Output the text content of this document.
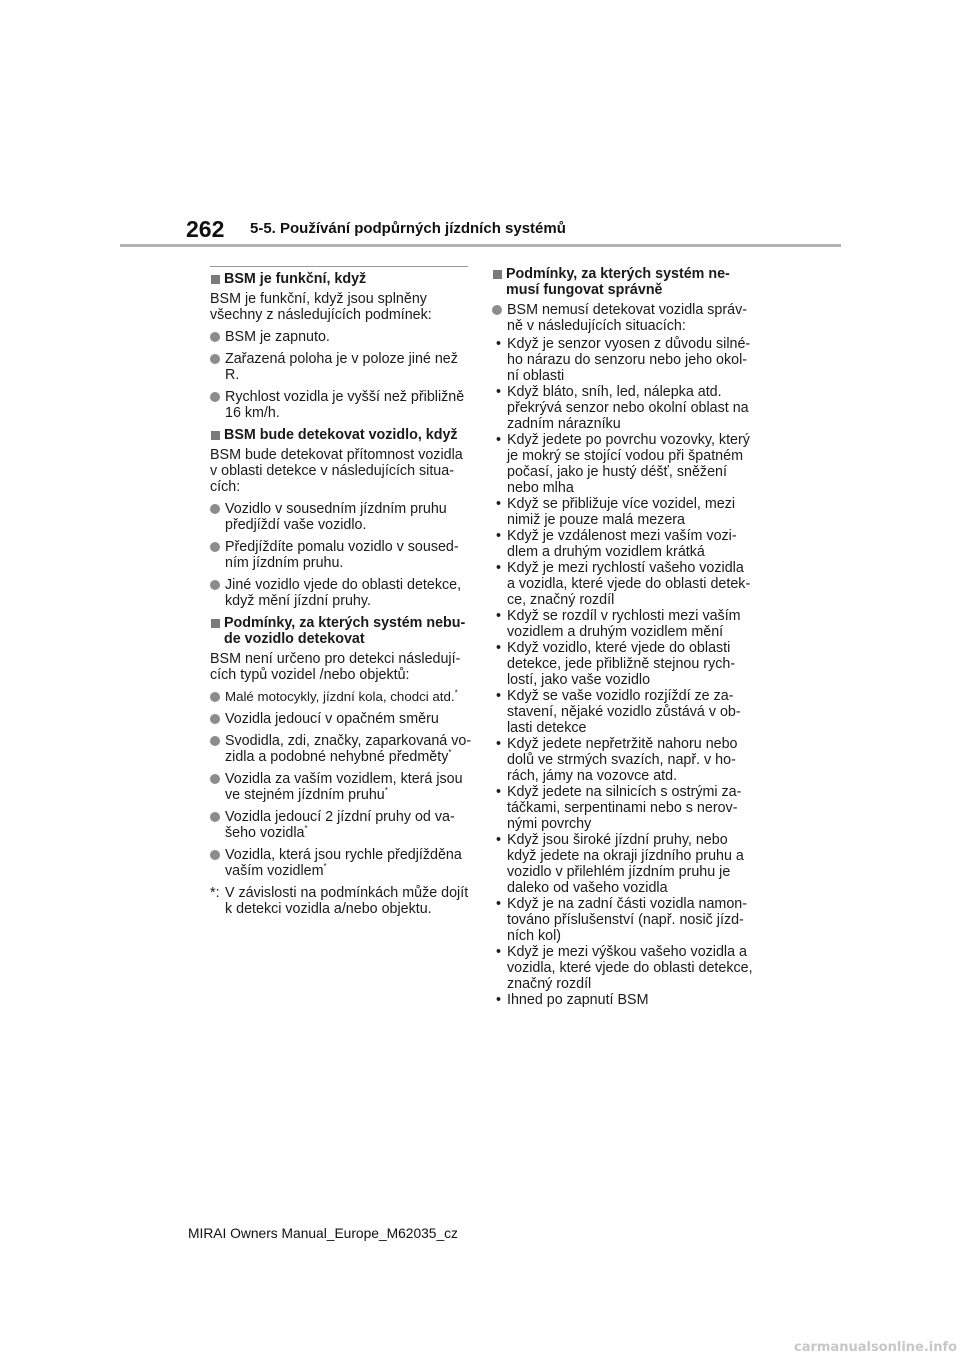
262 5-5. Používání podpůrných jízdních systémů
BSM je funkční, když
BSM je funkční, když jsou splněny všechny z následujících podmínek:
BSM je zapnuto.
Zařazená poloha je v poloze jiné než R.
Rychlost vozidla je vyšší než přibližně 16 km/h.
BSM bude detekovat vozidlo, když
BSM bude detekovat přítomnost vozidla v oblasti detekce v následujících situacích:
Vozidlo v sousedním jízdním pruhu předjíždí vaše vozidlo.
Předjíždíte pomalu vozidlo v sousedním jízdním pruhu.
Jiné vozidlo vjede do oblasti detekce, když mění jízdní pruhy.
Podmínky, za kterých systém nebude vozidlo detekovat
BSM není určeno pro detekci následujících typů vozidel /nebo objektů:
Malé motocykly, jízdní kola, chodci atd.*
Vozidla jedoucí v opačném směru
Svodidla, zdi, značky, zaparkovaná vozidla a podobné nehybné předměty*
Vozidla za vaším vozidlem, která jsou ve stejném jízdním pruhu*
Vozidla jedoucí 2 jízdní pruhy od vašeho vozidla*
Vozidla, která jsou rychle předjížděna vaším vozidlem*
*: V závislosti na podmínkách může dojít k detekci vozidla a/nebo objektu.
Podmínky, za kterých systém nemusí fungovat správně
BSM nemusí detekovat vozidla správně v následujících situacích:
• Když je senzor vyosen z důvodu silného nárazu do senzoru nebo jeho okolní oblasti
• Když bláto, sníh, led, nálepka atd. překrývá senzor nebo okolní oblast na zadním nárazníku
• Když jedete po povrchu vozovky, který je mokrý se stojící vodou při špatném počasí, jako je hustý déšť, sněžení nebo mlha
• Když se přibližuje více vozidel, mezi nimiž je pouze malá mezera
• Když je vzdálenost mezi vaším vozidlem a druhým vozidlem krátká
• Když je mezi rychlostí vašeho vozidla a vozidla, které vjede do oblasti detekce, značný rozdíl
• Když se rozdíl v rychlosti mezi vaším vozidlem a druhým vozidlem mění
• Když vozidlo, které vjede do oblasti detekce, jede přibližně stejnou rychlostí, jako vaše vozidlo
• Když se vaše vozidlo rozjíždí ze zastavení, nějaké vozidlo zůstává v oblasti detekce
• Když jedete nepřetržitě nahoru nebo dolů ve strmých svazích, např. v horách, jámy na vozovce atd.
• Když jedete na silnicích s ostrými zatáčkami, serpentinami nebo s nerovnými povrchy
• Když jsou široké jízdní pruhy, nebo když jedete na okraji jízdního pruhu a vozidlo v přilehlém jízdním pruhu je daleko od vašeho vozidla
• Když je na zadní části vozidla namontováno příslušenství (např. nosič jízdních kol)
• Když je mezi výškou vašeho vozidla a vozidla, které vjede do oblasti detekce, značný rozdíl
• Ihned po zapnutí BSM
MIRAI Owners Manual_Europe_M62035_cz
carmanualsonline.info
